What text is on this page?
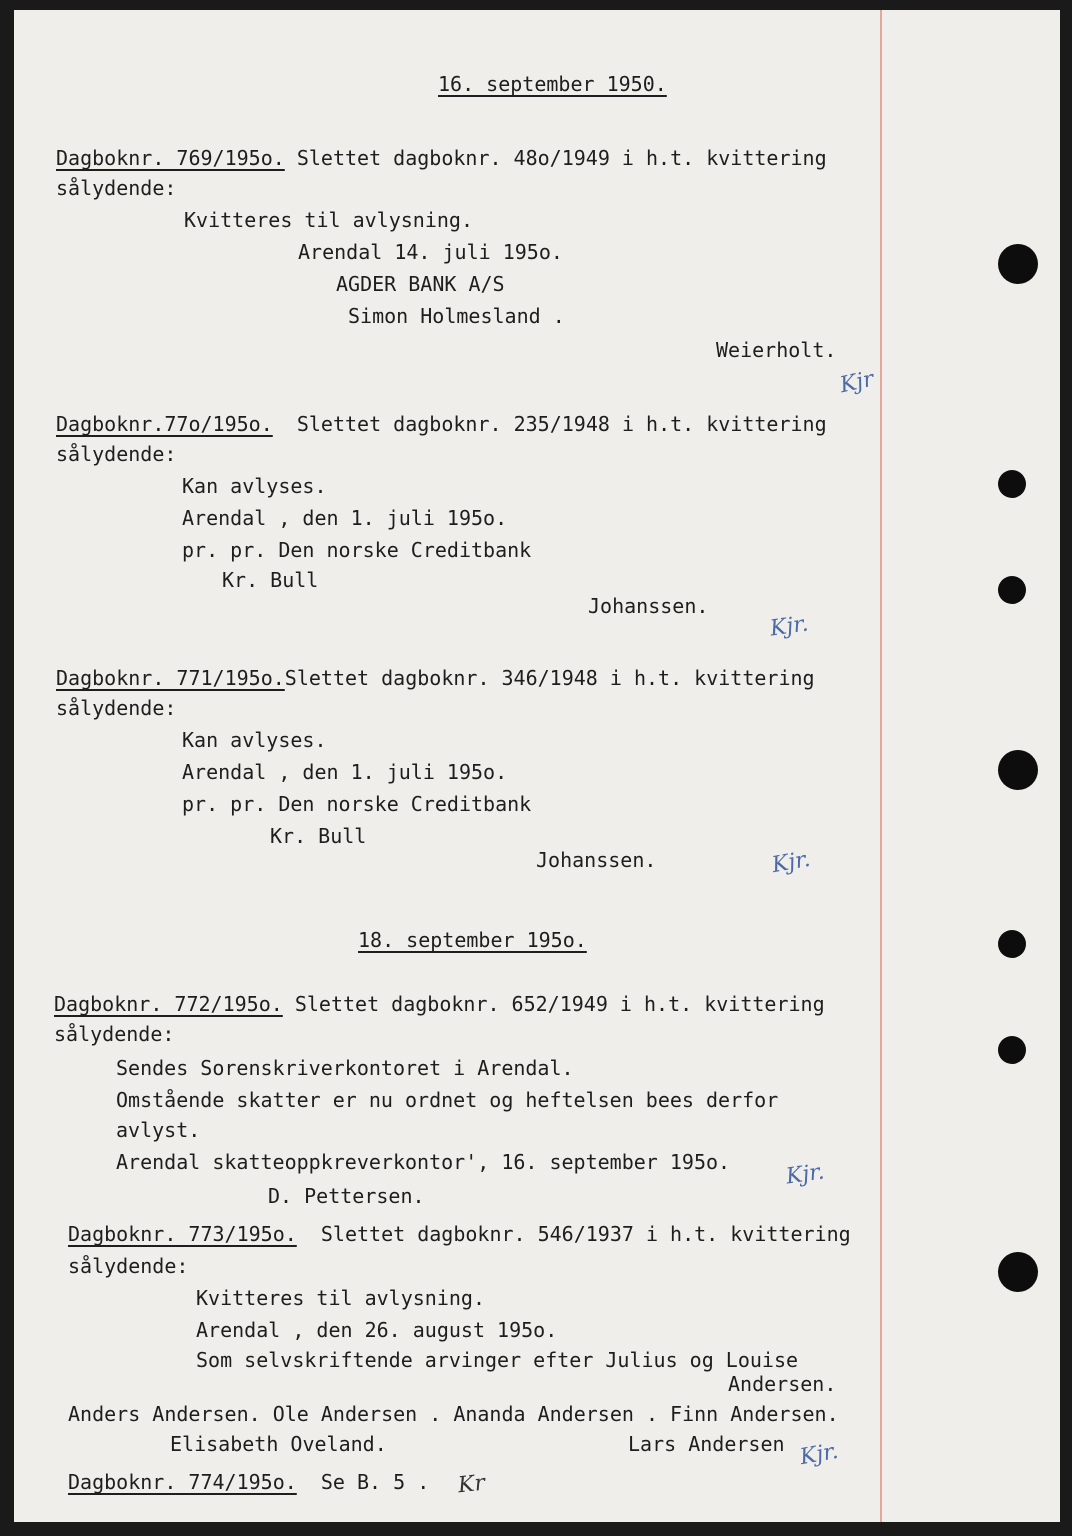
16. september 1950.
Dagboknr. 769/195o. Slettet dagboknr. 48o/1949 i h.t. kvittering
sålydende:
Kvitteres til avlysning.
Arendal 14. juli 195o.
AGDER BANK A/S
Simon Holmesland .
Weierholt.
Kjr
Dagboknr.77o/195o.  Slettet dagboknr. 235/1948 i h.t. kvittering
sålydende:
Kan avlyses.
Arendal , den 1. juli 195o.
pr. pr. Den norske Creditbank
Kr. Bull
Johanssen.
Kjr.
Dagboknr. 771/195o.Slettet dagboknr. 346/1948 i h.t. kvittering
sålydende:
Kan avlyses.
Arendal , den 1. juli 195o.
pr. pr. Den norske Creditbank
Kr. Bull
Johanssen.	Kjr.
18. september 195o.
Dagboknr. 772/195o. Slettet dagboknr. 652/1949 i h.t. kvittering
sålydende:
Sendes Sorenskriverkontoret i Arendal.
Omstående skatter er nu ordnet og heftelsen bees derfor
avlyst.
Arendal skatteoppkreverkontor', 16. september 195o.
D. Pettersen.
Kjr.
Dagboknr. 773/195o.  Slettet dagboknr. 546/1937 i h.t. kvittering
sålydende:
Kvitteres til avlysning.
Arendal , den 26. august 195o.
Som selvskriftende arvinger efter Julius og Louise
Andersen.
Anders Andersen. Ole Andersen . Ananda Andersen . Finn Andersen.
Elisabeth Oveland.	Lars Andersen Kjr.
Dagboknr. 774/195o.  Se B. 5 . Kr
